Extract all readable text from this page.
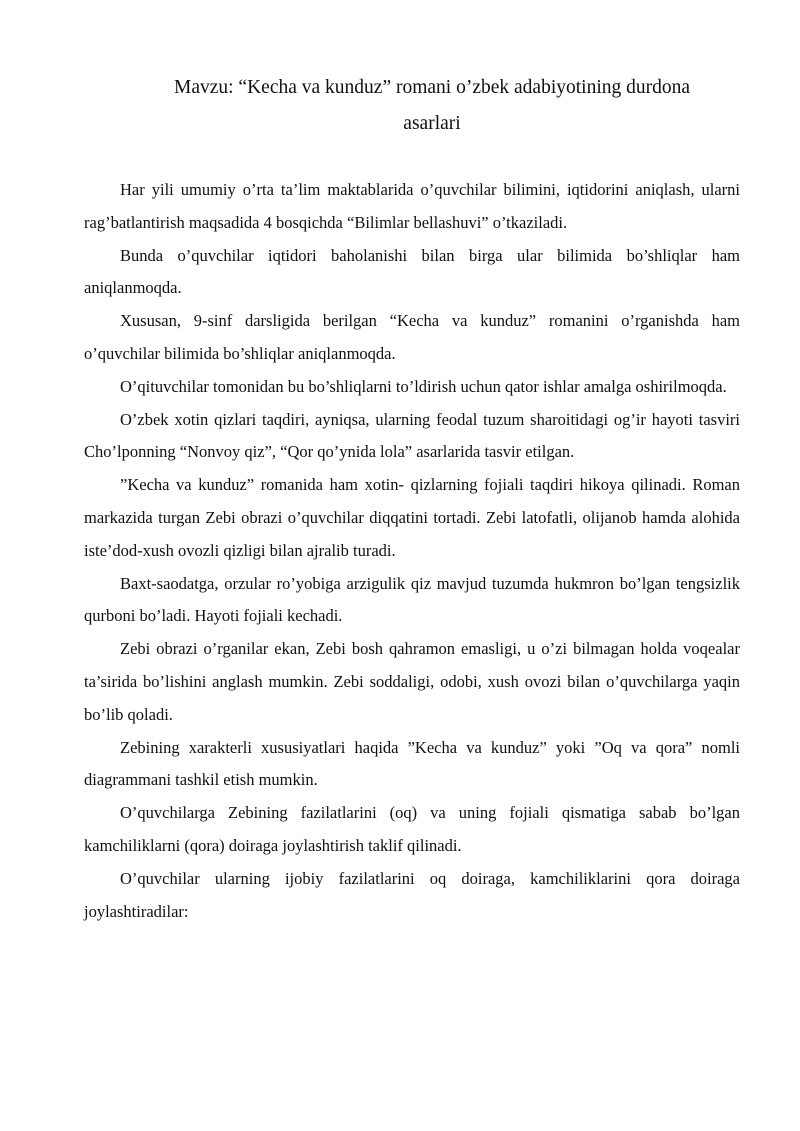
Mavzu: “Kecha va kunduz” romani o’zbek adabiyotining durdona
asarlari

Har yili umumiy o’rta ta’lim maktablarida o’quvchilar bilimini, iqtidorini aniqlash, ularni rag’batlantirish maqsadida 4 bosqichda “Bilimlar bellashuvi” o’tkaziladi.

Bunda o’quvchilar iqtidori baholanishi bilan birga ular bilimida bo’shliqlar ham aniqlanmoqda.

Xususan, 9-sinf darsligida berilgan “Kecha va kunduz” romanini o’rganishda ham o’quvchilar bilimida bo’shliqlar aniqlanmoqda.

O’qituvchilar tomonidan bu bo’shliqlarni to’ldirish uchun qator ishlar amalga oshirilmoqda.

O’zbek xotin qizlari taqdiri, ayniqsa, ularning feodal tuzum sharoitidagi og’ir hayoti tasviri Cho’lponning “Nonvoy qiz”, “Qor qo’ynida lola” asarlarida tasvir etilgan.

”Kecha va kunduz” romanida ham xotin- qizlarning fojiali taqdiri hikoya qilinadi. Roman markazida turgan Zebi obrazi o’quvchilar diqqatini tortadi. Zebi latofatli, olijanob hamda alohida iste’dod-xush ovozli qizligi bilan ajralib turadi.

Baxt-saodatga, orzular ro’yobiga arzigulik qiz mavjud tuzumda hukmron bo’lgan tengsizlik qurboni bo’ladi. Hayoti fojiali kechadi.

Zebi obrazi o’rganilar ekan, Zebi bosh qahramon emasligi, u o’zi bilmagan holda voqealar ta’sirida bo’lishini anglash mumkin. Zebi soddaligi, odobi, xush ovozi bilan o’quvchilarga yaqin bo’lib qoladi.

Zebining xarakterli xususiyatlari haqida ”Kecha va kunduz” yoki ”Oq va qora” nomli diagrammani tashkil etish mumkin.

O’quvchilarga Zebining fazilatlarini (oq) va uning fojiali qismatiga sabab bo’lgan kamchiliklarni (qora) doiraga joylashtirish taklif qilinadi.

O’quvchilar ularning ijobiy fazilatlarini oq doiraga, kamchiliklarini qora doiraga joylashtiradilar:
